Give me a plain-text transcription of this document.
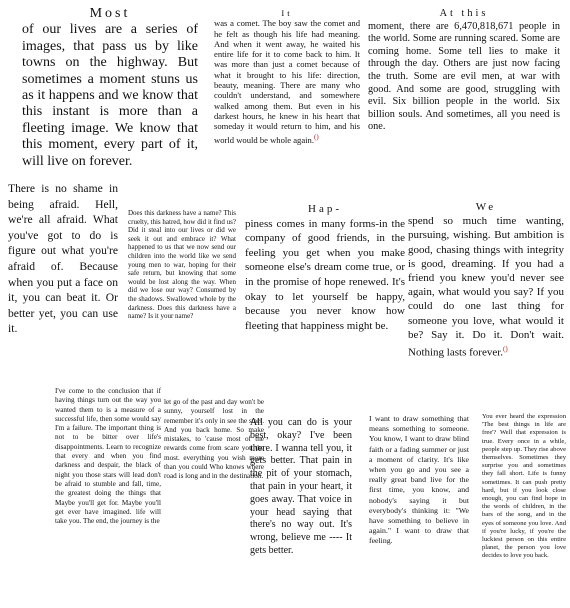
Most

of our lives are a series of images, that pass us by like towns on the highway. But sometimes a moment stuns us as it happens and we know that this instant is more than a fleeting image. We know that this moment, every part of it, will live on forever.

It

was a comet. The boy saw the comet and he felt as though his life had meaning. And when it went away, he waited his entire life for it to come back to him. It was more than just a comet because of what it brought to his life: direction, beauty, meaning. There are many who couldn't understand, and somewhere walked among them. But even in his darkest hours, he knew in his heart that someday it would return to him, and his world would be whole again.()

At this

moment, there are 6,470,818,671 people in the world. Some are running scared. Some are coming home. Some tell lies to make it through the day. Others are just now facing the truth. Some are evil men, at war with good. And some are good, struggling with evil. Six billion people in the world. Six billion souls. And sometimes, all you need is one.

There is no shame in being afraid. Hell, we're all afraid. What you've got to do is figure out what you're afraid of. Because when you put a face on it, you can beat it. Or better yet, you can use it.

Does this darkness have a name? This cruelty, this hatred, how did it find us? Did it steal into our lives or did we seek it out and embrace it? What happened to us that we now send our children into the world like we send young men to war, hoping for their safe return, but knowing that some would be lost along the way. When did we lose our way? Consumed by the shadows. Swallowed whole by the darkness. Does this darkness have a name? Is it your name?

Hap-

piness comes in many forms-in the company of good friends, in the feeling you get when you make someone else's dream come true, or in the promise of hope renewed. It's okay to let yourself be happy, because you never know how fleeting that happiness might be.

We

spend so much time wanting, pursuing, wishing. But ambition is good, chasing things with integrity is good, dreaming. If you had a friend you knew you'd never see again, what would you say? If you could do one last thing for someone you love, what would it be? Say it. Do it. Don't wait. Nothing lasts forever.()

I've come to the conclusion that if having things turn out the way you wanted them to is a measure of a successful life, then some would say I'm a failure. The important thing is not to be bitter over life's disappointments. Learn to recognize that every and when you find darkness and despair, the black of night you those stars will lead don't be afraid to stumble and fall, time, the greatest doing the things that Maybe you'll get for. Maybe you'll get ever have imagined. life will take you. The end, the journey is the

let go of the past and day won't be sunny, yourself lost in the remember it's only in see the stars. And you back home. So make mistakes, to 'cause most of the rewards come from scare you the most. everything you wish more than you could Who knows where road is long and in the destination.

All you can do is your best, okay? I've been there. I wanna tell you, it gets better. That pain in the pit of your stomach, that pain in your heart, it goes away. That voice in your head saying that there's no way out. It's wrong, believe me ---- It gets better.

I want to draw something that means something to someone. You know, I want to draw blind faith or a fading summer or just a moment of clarity. It's like when you go and you see a really great band live for the first time, you know, and nobody's saying it but everybody's thinking it: "We have something to believe in again." I want to draw that feeling.

You ever heard the expression 'The best things in life are free'? Well that expression is true. Every once in a while, people step up. They rise above themselves. Sometimes they surprise you and sometimes they fall short. Life is funny sometimes. It can push pretty hard, but if you look close enough, you can find hope in the words of children, in the bars of the song, and in the eyes of someone you love. And if you're lucky, if you're the luckiest person on this entire planet, the person you love decides to love you back.
